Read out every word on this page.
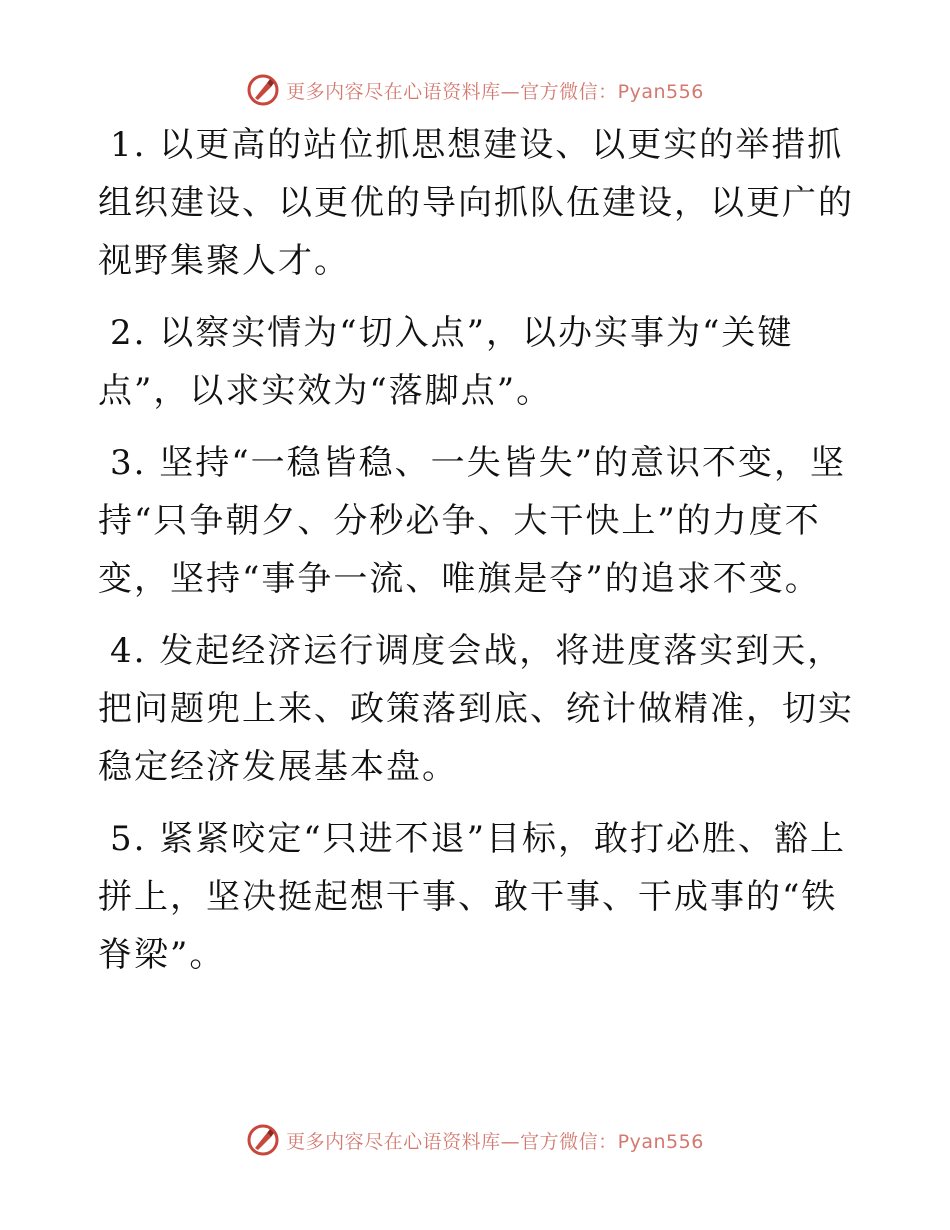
更多内容尽在心语资料库—官方微信：Pyan556

1. 以更高的站位抓思想建设、以更实的举措抓组织建设、以更优的导向抓队伍建设，以更广的视野集聚人才。

2. 以察实情为“切入点”，以办实事为“关键点”，以求实效为“落脚点”。

3. 坚持“一稳皆稳、一失皆失”的意识不变，坚持“只争朝夕、分秒必争、大干快上”的力度不变，坚持“事争一流、唯旗是夺”的追求不变。

4. 发起经济运行调度会战，将进度落实到天，把问题兜上来、政策落到底、统计做精准，切实稳定经济发展基本盘。

5. 紧紧咬定“只进不退”目标，敢打必胜、豁上拼上，坚决挺起想干事、敢干事、干成事的“铁脊梁”。

更多内容尽在心语资料库—官方微信：Pyan556
